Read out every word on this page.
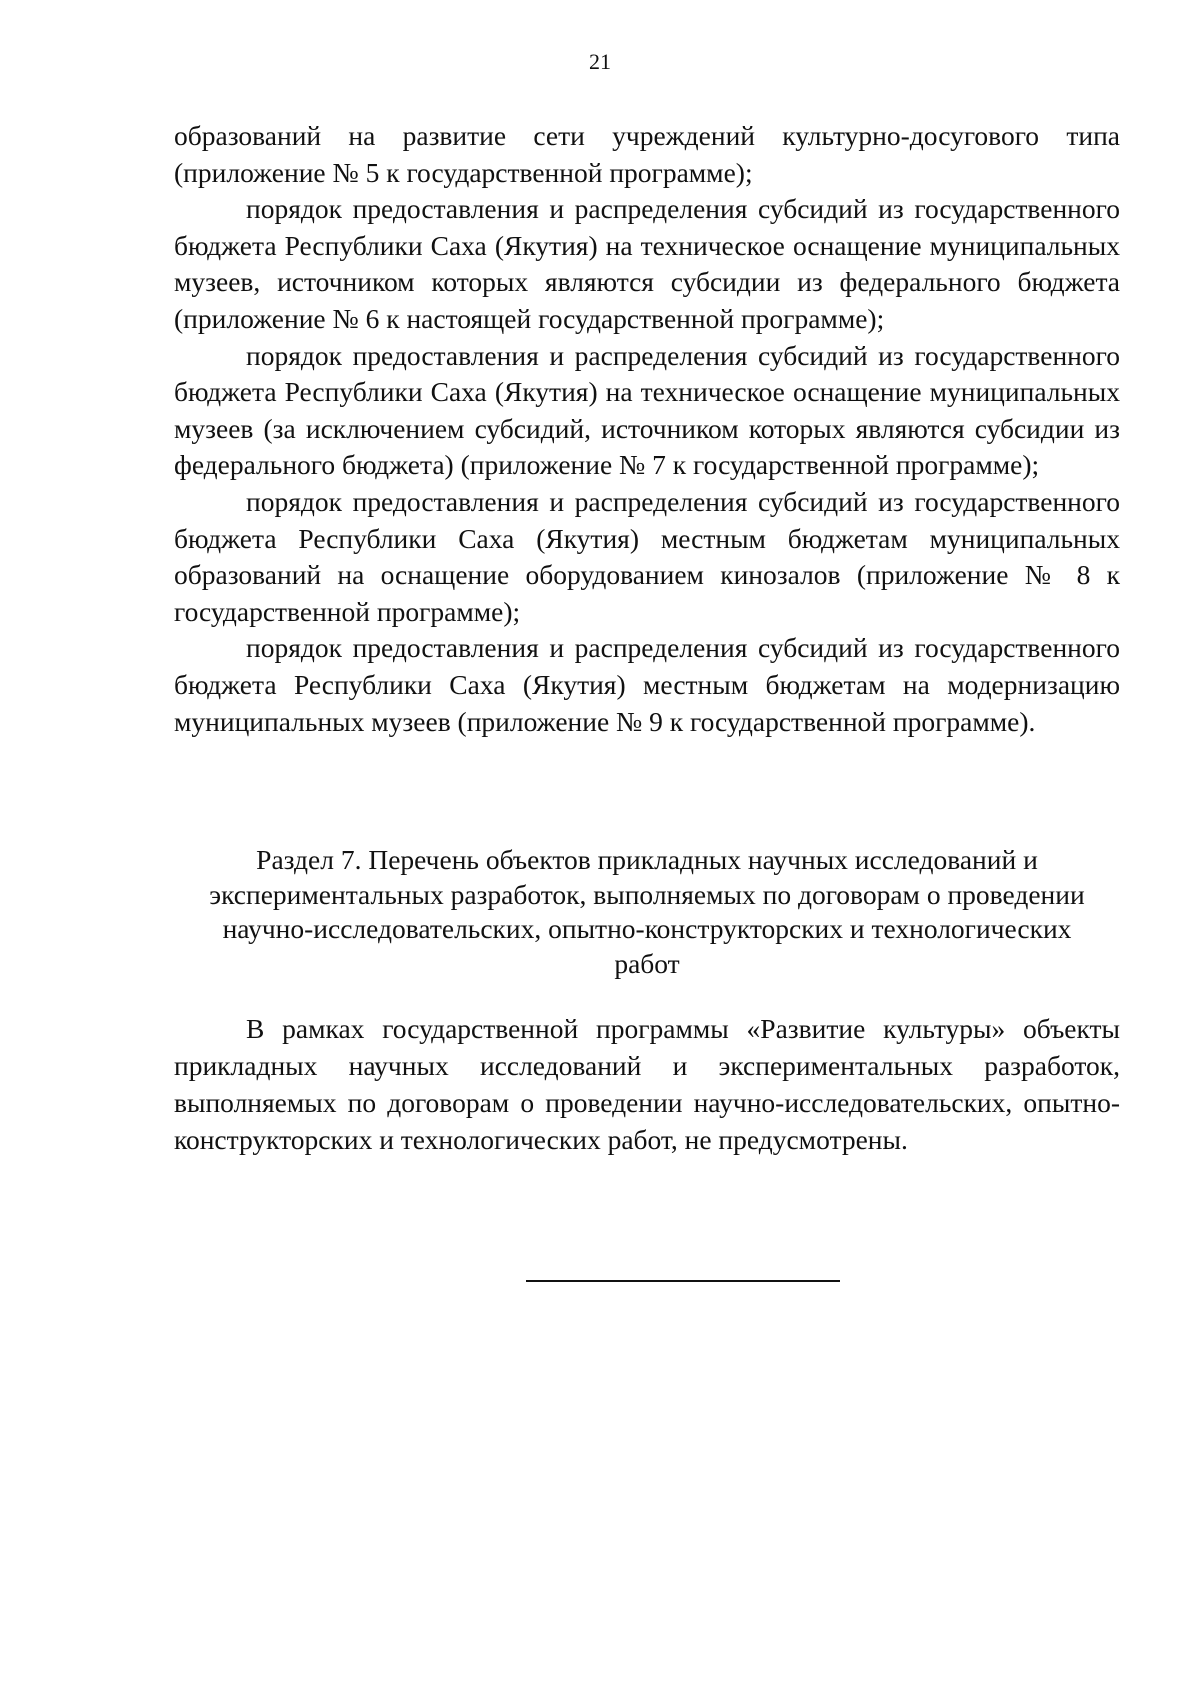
21

образований на развитие сети учреждений культурно-досугового типа (приложение № 5 к государственной программе);

порядок предоставления и распределения субсидий из государственного бюджета Республики Саха (Якутия) на техническое оснащение муниципальных музеев, источником которых являются субсидии из федерального бюджета (приложение № 6 к настоящей государственной программе);

порядок предоставления и распределения субсидий из государственного бюджета Республики Саха (Якутия) на техническое оснащение муниципальных музеев (за исключением субсидий, источником которых являются субсидии из федерального бюджета) (приложение № 7 к государственной программе);

порядок предоставления и распределения субсидий из государственного бюджета Республики Саха (Якутия) местным бюджетам муниципальных образований на оснащение оборудованием кинозалов (приложение № 8 к государственной программе);

порядок предоставления и распределения субсидий из государственного бюджета Республики Саха (Якутия) местным бюджетам на модернизацию муниципальных музеев (приложение № 9 к государственной программе).

Раздел 7. Перечень объектов прикладных научных исследований и
экспериментальных разработок, выполняемых по договорам о проведении
научно-исследовательских, опытно-конструкторских и технологических
работ

В рамках государственной программы «Развитие культуры» объекты прикладных научных исследований и экспериментальных разработок, выполняемых по договорам о проведении научно-исследовательских, опытно-конструкторских и технологических работ, не предусмотрены.
